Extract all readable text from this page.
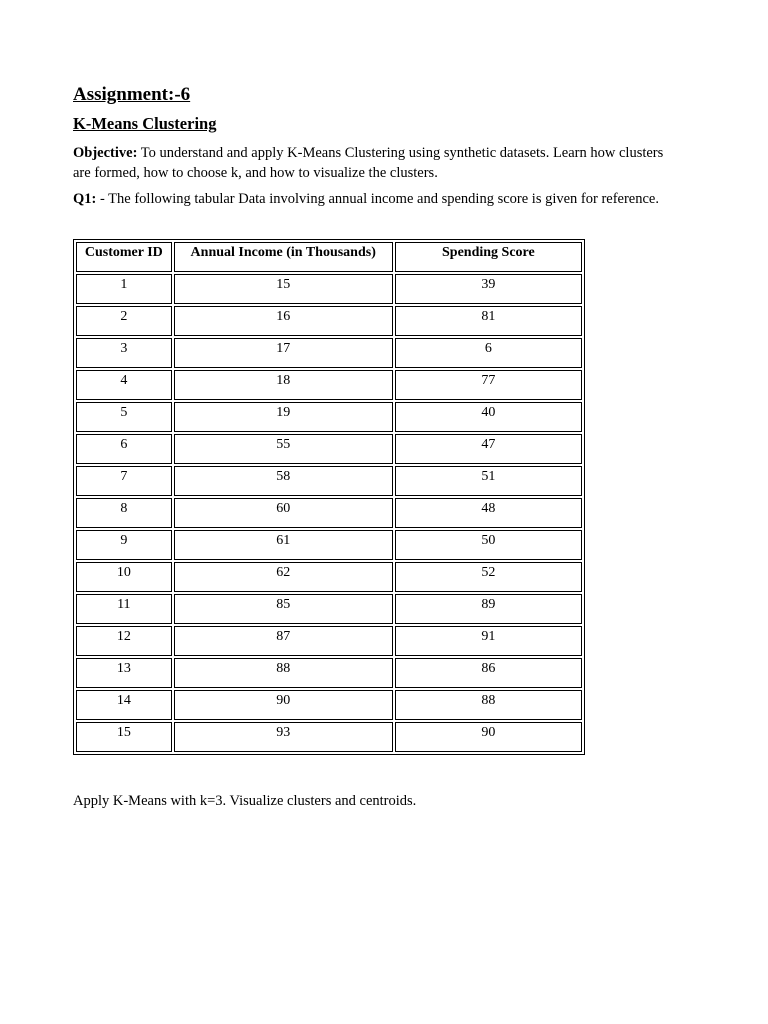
Assignment:-6
K-Means Clustering

Objective: To understand and apply K-Means Clustering using synthetic datasets. Learn how clusters are formed, how to choose k, and how to visualize the clusters.

Q1: - The following tabular Data involving annual income and spending score is given for reference.

Customer ID	Annual Income (in Thousands)	Spending Score
1	15	39
2	16	81
3	17	6
4	18	77
5	19	40
6	55	47
7	58	51
8	60	48
9	61	50
10	62	52
11	85	89
12	87	91
13	88	86
14	90	88
15	93	90

Apply K-Means with k=3. Visualize clusters and centroids.
